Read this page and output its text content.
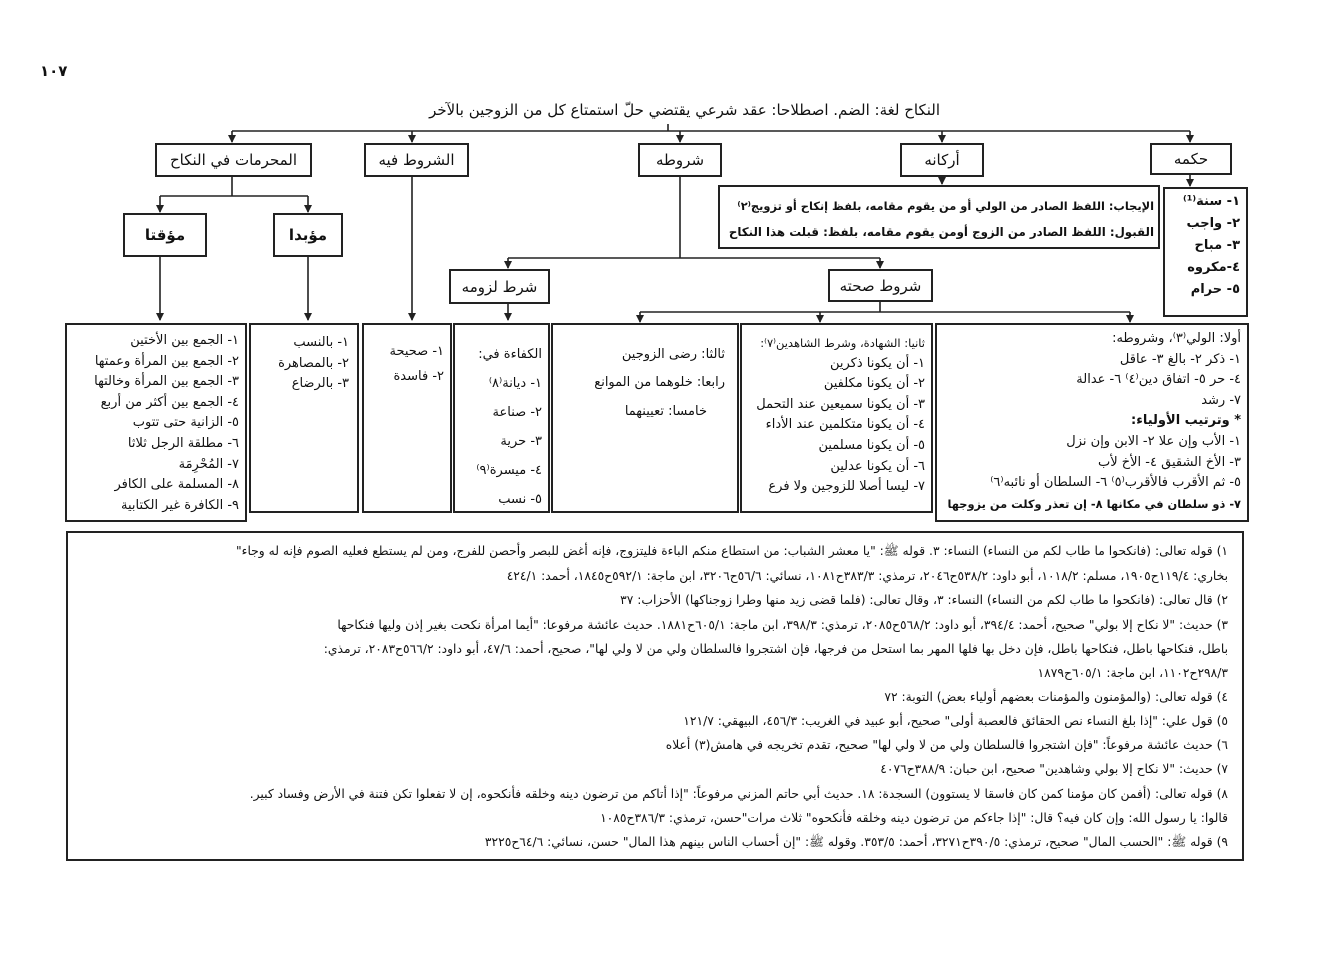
١٠٧
النكاح لغة: الضم. اصطلاحا: عقد شرعي يقتضي حلّ استمتاع كل من الزوجين بالآخر
حكمه
أركانه
شروطه
الشروط فيه
المحرمات في النكاح
١- سنة⁽¹⁾
٢- واجب
٣- مباح
٤-مكروه
٥- حرام
الإيجاب: اللفظ الصادر من الولي أو من يقوم مقامه، بلفظ إنكاح أو تزويج⁽٢⁾
القبول: اللفظ الصادر من الزوج أومن يقوم مقامه، بلفظ: قبلت هذا النكاح
مؤبدا
مؤقتا
شرط لزومه	شروط صحته
أولا: الولي⁽٣⁾، وشروطه:
١- ذكر ٢- بالغ ٣- عاقل
٤- حر ٥- اتفاق دين⁽٤⁾ ٦- عدالة
٧- رشد
* وترتيب الأولياء:
١- الأب وإن علا ٢- الابن وإن نزل
٣- الأخ الشقيق ٤- الأخ لأب
٥- ثم الأقرب فالأقرب⁽٥⁾ ٦- السلطان أو نائبه⁽٦⁾
٧- ذو سلطان في مكانها ٨- إن تعذر وكلت من يزوجها
ثانيا: الشهادة، وشرط الشاهدين⁽٧⁾:
١- أن يكونا ذكرين
٢- أن يكونا مكلفين
٣- أن يكونا سميعين عند التحمل
٤- أن يكونا متكلمين عند الأداء
٥- أن يكونا مسلمين
٦- أن يكونا عدلين
٧- ليسا أصلا للزوجين ولا فرع
ثالثا: رضى الزوجين
رابعا: خلوهما من الموانع
خامسا: تعيينهما
الكفاءة في:
١- ديانة⁽٨⁾
٢- صناعة
٣- حرية
٤- ميسرة⁽٩⁾
٥- نسب
١- صحيحة
٢- فاسدة
١- بالنسب
٢- بالمصاهرة
٣- بالرضاع
١- الجمع بين الأختين
٢- الجمع بين المرأة وعمتها
٣- الجمع بين المرأة وخالتها
٤- الجمع بين أكثر من أربع
٥- الزانية حتى تتوب
٦- مطلقة الرجل ثلاثا
٧- المُحْرِمَة
٨- المسلمة على الكافر
٩- الكافرة غير الكتابية
١) قوله تعالى: (فانكحوا ما طاب لكم من النساء) النساء: ٣. قوله ﷺ: "يا معشر الشباب: من استطاع منكم الباءة فليتزوج، فإنه أغض للبصر وأحصن للفرج، ومن لم يستطع فعليه الصوم فإنه له وجاء"
بخاري: ١١٩/٤ح١٩٠٥، مسلم: ١٠١٨/٢، أبو داود: ٥٣٨/٢ح٢٠٤٦، ترمذي: ٣٨٣/٣ح١٠٨١، نسائي: ٥٦/٦ح٣٢٠٦، ابن ماجة: ٥٩٢/١ح١٨٤٥، أحمد: ٤٢٤/١
٢) قال تعالى: (فانكحوا ما طاب لكم من النساء) النساء: ٣، وقال تعالى: (فلما قضى زيد منها وطرا زوجناكها) الأحزاب: ٣٧
٣) حديث: "لا نكاح إلا بولي" صحيح، أحمد: ٣٩٤/٤، أبو داود: ٥٦٨/٢ح٢٠٨٥، ترمذي: ٣٩٨/٣، ابن ماجة: ٦٠٥/١ح١٨٨١. حديث عائشة مرفوعا: "أيما امرأة نكحت بغير إذن وليها فنكاحها
باطل، فنكاحها باطل، فنكاحها باطل، فإن دخل بها فلها المهر بما استحل من فرجها، فإن اشتجروا فالسلطان ولي من لا ولي لها"، صحيح، أحمد: ٤٧/٦، أبو داود: ٥٦٦/٢ح٢٠٨٣، ترمذي:
٢٩٨/٣ح١١٠٢، ابن ماجة: ٦٠٥/١ح١٨٧٩
٤) قوله تعالى: (والمؤمنون والمؤمنات بعضهم أولياء بعض) التوبة: ٧٢
٥) قول علي: "إذا بلغ النساء نص الحقائق فالعصبة أولى" صحيح، أبو عبيد في الغريب: ٤٥٦/٣، البيهقي: ١٢١/٧
٦) حديث عائشة مرفوعاً: "فإن اشتجروا فالسلطان ولي من لا ولي لها" صحيح، تقدم تخريجه في هامش(٣) أعلاه
٧) حديث: "لا نكاح إلا بولي وشاهدين" صحيح، ابن حبان: ٣٨٨/٩ح٤٠٧٦
٨) قوله تعالى: (أفمن كان مؤمنا كمن كان فاسقا لا يستوون) السجدة: ١٨. حديث أبي حاتم المزني مرفوعاً: "إذا أتاكم من ترضون دينه وخلقه فأنكحوه، إن لا تفعلوا تكن فتنة في الأرض وفساد كبير.
قالوا: يا رسول الله: وإن كان فيه؟ قال: "إذا جاءكم من ترضون دينه وخلقه فأنكحوه" ثلاث مرات"حسن، ترمذي: ٣٨٦/٣ح١٠٨٥
٩) قوله ﷺ: "الحسب المال" صحيح، ترمذي: ٣٩٠/٥ح٣٢٧١، أحمد: ٣٥٣/٥. وقوله ﷺ: "إن أحساب الناس بينهم هذا المال" حسن، نسائي: ٦٤/٦ح٣٢٢٥
